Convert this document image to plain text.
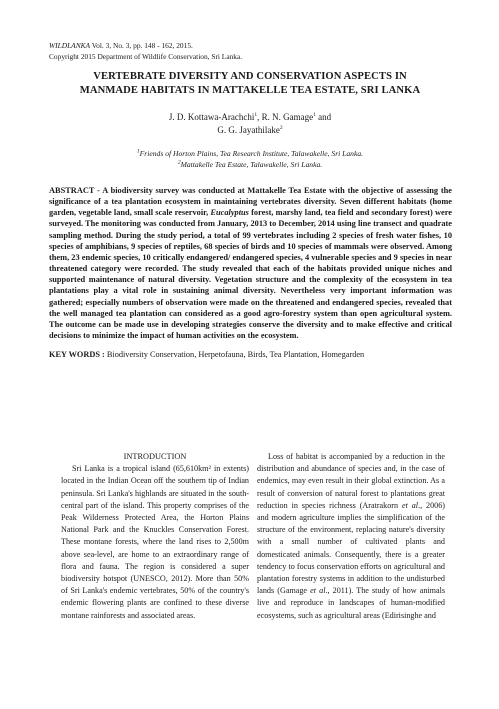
WILDLANKA Vol. 3, No. 3, pp. 148 - 162, 2015.
Copyright 2015 Department of Wildlife Conservation, Sri Lanka.
VERTEBRATE DIVERSITY AND CONSERVATION ASPECTS IN
MANMADE HABITATS IN MATTAKELLE TEA ESTATE, SRI LANKA
J. D. Kottawa-Arachchi$^1$, R. N. Gamage$^1$ and
G. G. Jayathilake$^2$
$^1$Friends of Horton Plains, Tea Research Institute, Talawakelle, Sri Lanka.
$^2$Mattakelle Tea Estate, Talawakelle, Sri Lanka.
ABSTRACT - A biodiversity survey was conducted at Mattakelle Tea Estate with the objective of assessing the significance of a tea plantation ecosystem in maintaining vertebrates diversity. Seven different habitats (home garden, vegetable land, small scale reservoir, Eucalyptus forest, marshy land, tea field and secondary forest) were surveyed. The monitoring was conducted from January, 2013 to December, 2014 using line transect and quadrate sampling method. During the study period, a total of 99 vertebrates including 2 species of fresh water fishes, 10 species of amphibians, 9 species of reptiles, 68 species of birds and 10 species of mammals were observed. Among them, 23 endemic species, 10 critically endangered/ endangered species, 4 vulnerable species and 9 species in near threatened category were recorded. The study revealed that each of the habitats provided unique niches and supported maintenance of natural diversity. Vegetation structure and the complexity of the ecosystem in tea plantations play a vital role in sustaining animal diversity. Nevertheless very important information was gathered; especially numbers of observation were made on the threatened and endangered species, revealed that the well managed tea plantation can considered as a good agro-forestry system than open agricultural system. The outcome can be made use in developing strategies conserve the diversity and to make effective and critical decisions to minimize the impact of human activities on the ecosystem.
KEY WORDS : Biodiversity Conservation, Herpetofauna, Birds, Tea Plantation, Homegarden

INTRODUCTION

Sri Lanka is a tropical island (65,610km² in extents) located in the Indian Ocean off the southern tip of Indian peninsula. Sri Lanka's highlands are situated in the south-central part of the island. This property comprises of the Peak Wilderness Protected Area, the Horton Plains National Park and the Knuckles Conservation Forest. These montane forests, where the land rises to 2,500m above sea-level, are home to an extraordinary range of flora and fauna. The region is considered a super biodiversity hotspot (UNESCO, 2012). More than 50% of Sri Lanka's endemic vertebrates, 50% of the country's endemic flowering plants are confined to these diverse montane rainforests and associated areas.

Loss of habitat is accompanied by a reduction in the distribution and abundance of species and, in the case of endemics, may even result in their global extinction. As a result of conversion of natural forest to plantations great reduction in species richness (Aratrakorn et al., 2006) and modern agriculture implies the simplification of the structure of the environment, replacing nature's diversity with a small number of cultivated plants and domesticated animals. Consequently, there is a greater tendency to focus conservation efforts on agricultural and plantation forestry systems in addition to the undisturbed lands (Gamage et al., 2011). The study of how animals live and reproduce in landscapes of human-modified ecosystems, such as agricultural areas (Edirisinghe and
